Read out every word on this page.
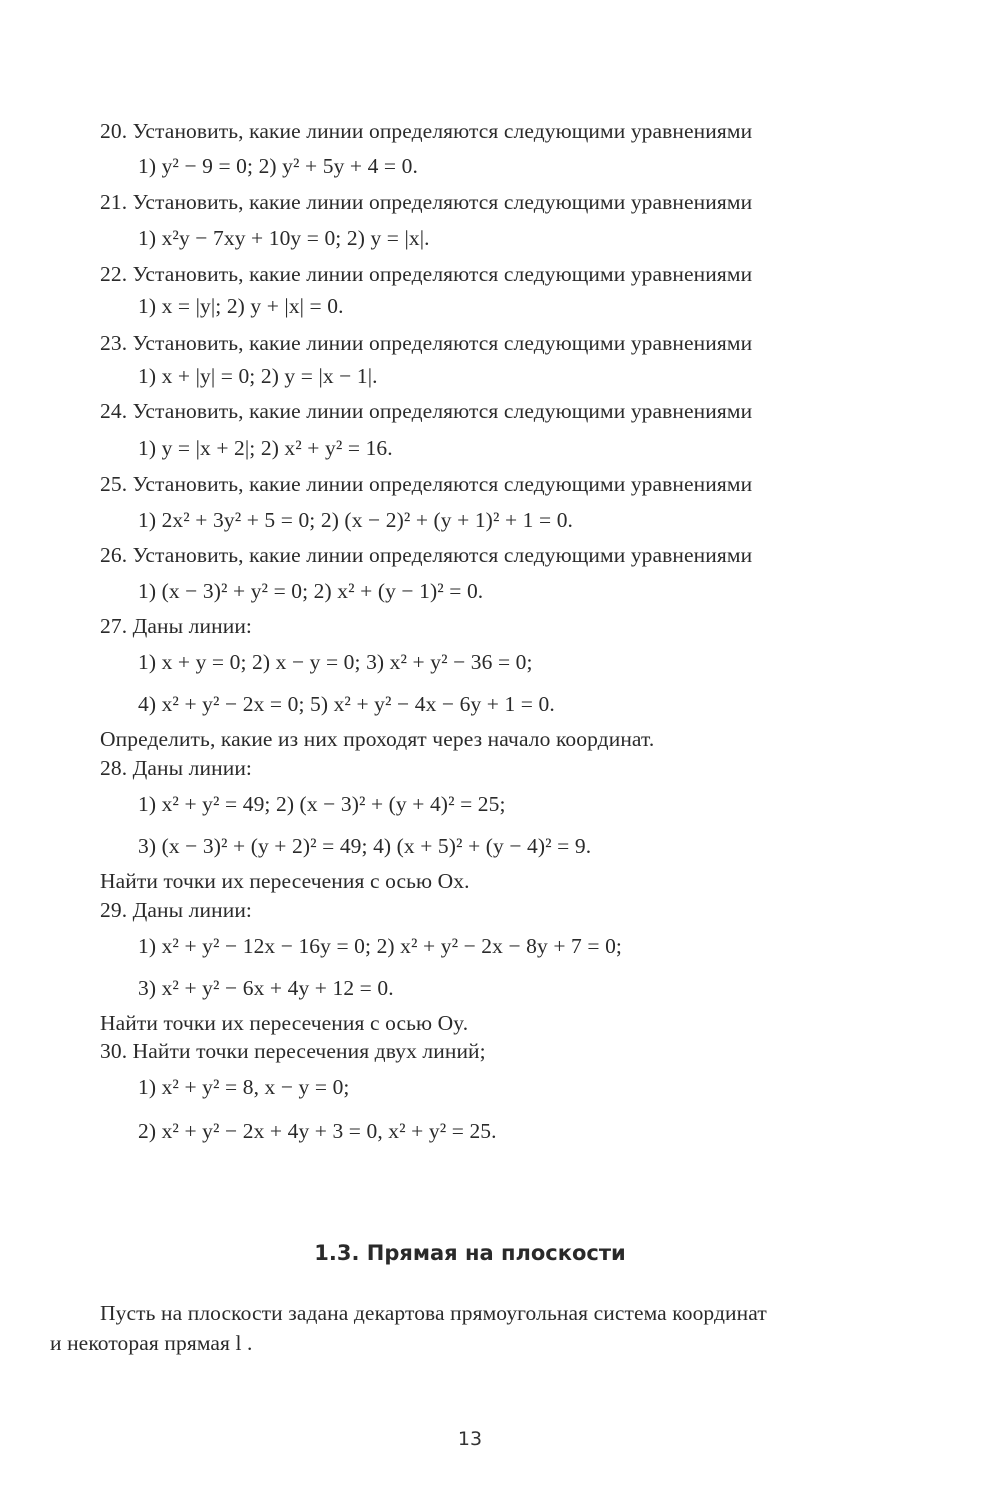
20. Установить, какие линии определяются следующими уравнениями
1) y² − 9 = 0; 2) y² + 5y + 4 = 0.
21. Установить, какие линии определяются следующими уравнениями
1) x²y − 7xy + 10y = 0; 2) y = |x|.
22. Установить, какие линии определяются следующими уравнениями
1) x = |y|; 2) y + |x| = 0.
23. Установить, какие линии определяются следующими уравнениями
1) x + |y| = 0; 2) y = |x − 1|.
24. Установить, какие линии определяются следующими уравнениями
1) y = |x + 2|; 2) x² + y² = 16.
25. Установить, какие линии определяются следующими уравнениями
1) 2x² + 3y² + 5 = 0; 2) (x − 2)² + (y + 1)² + 1 = 0.
26. Установить, какие линии определяются следующими уравнениями
1) (x − 3)² + y² = 0; 2) x² + (y − 1)² = 0.
27. Даны линии:
1) x + y = 0; 2) x − y = 0; 3) x² + y² − 36 = 0;
4) x² + y² − 2x = 0; 5) x² + y² − 4x − 6y + 1 = 0.
Определить, какие из них проходят через начало координат.
28. Даны линии:
1) x² + y² = 49; 2) (x − 3)² + (y + 4)² = 25;
3) (x − 3)² + (y + 2)² = 49; 4) (x + 5)² + (y − 4)² = 9.
Найти точки их пересечения с осью Ox.
29. Даны линии:
1) x² + y² − 12x − 16y = 0; 2) x² + y² − 2x − 8y + 7 = 0;
3) x² + y² − 6x + 4y + 12 = 0.
Найти точки их пересечения с осью Oy.
30. Найти точки пересечения двух линий;
1) x² + y² = 8, x − y = 0;
2) x² + y² − 2x + 4y + 3 = 0, x² + y² = 25.
1.3. Прямая на плоскости
Пусть на плоскости задана декартова прямоугольная система координат
и некоторая прямая l .
13
